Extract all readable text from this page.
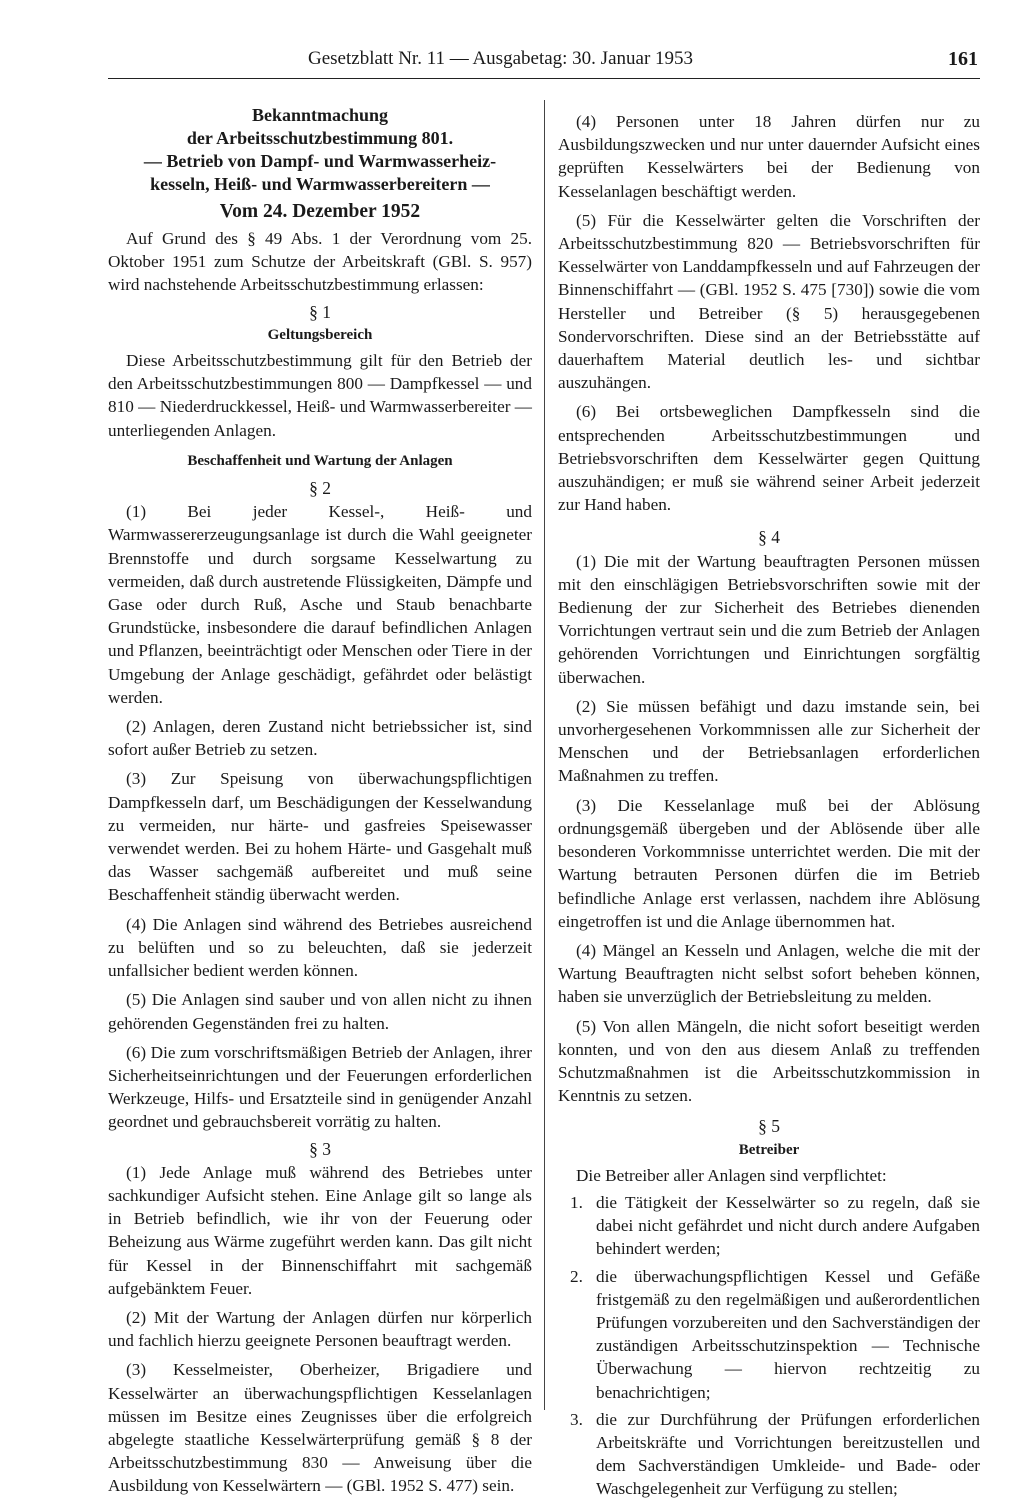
Gesetzblatt Nr. 11 — Ausgabetag: 30. Januar 1953	161
Bekanntmachung
der Arbeitsschutzbestimmung 801.
— Betrieb von Dampf- und Warmwasserheiz-
kesseln, Heiß- und Warmwasserbereitern —
Vom 24. Dezember 1952

Auf Grund des § 49 Abs. 1 der Verordnung vom 25. Oktober 1951 zum Schutze der Arbeitskraft (GBl. S. 957) wird nachstehende Arbeitsschutzbestimmung erlassen:

§ 1
Geltungsbereich

Diese Arbeitsschutzbestimmung gilt für den Betrieb der den Arbeitsschutzbestimmungen 800 — Dampfkessel — und 810 — Niederdruckkessel, Heiß- und Warmwasserbereiter — unterliegenden Anlagen.

Beschaffenheit und Wartung der Anlagen
§ 2

(1) Bei jeder Kessel-, Heiß- und Warmwassererzeugungsanlage ist durch die Wahl geeigneter Brennstoffe und durch sorgsame Kesselwartung zu vermeiden, daß durch austretende Flüssigkeiten, Dämpfe und Gase oder durch Ruß, Asche und Staub benachbarte Grundstücke, insbesondere die darauf befindlichen Anlagen und Pflanzen, beeinträchtigt oder Menschen oder Tiere in der Umgebung der Anlage geschädigt, gefährdet oder belästigt werden.

(2) Anlagen, deren Zustand nicht betriebssicher ist, sind sofort außer Betrieb zu setzen.

(3) Zur Speisung von überwachungspflichtigen Dampfkesseln darf, um Beschädigungen der Kesselwandung zu vermeiden, nur härte- und gasfreies Speisewasser verwendet werden. Bei zu hohem Härte- und Gasgehalt muß das Wasser sachgemäß aufbereitet und muß seine Beschaffenheit ständig überwacht werden.

(4) Die Anlagen sind während des Betriebes ausreichend zu belüften und so zu beleuchten, daß sie jederzeit unfallsicher bedient werden können.

(5) Die Anlagen sind sauber und von allen nicht zu ihnen gehörenden Gegenständen frei zu halten.

(6) Die zum vorschriftsmäßigen Betrieb der Anlagen, ihrer Sicherheitseinrichtungen und der Feuerungen erforderlichen Werkzeuge, Hilfs- und Ersatzteile sind in genügender Anzahl geordnet und gebrauchsbereit vorrätig zu halten.

§ 3

(1) Jede Anlage muß während des Betriebes unter sachkundiger Aufsicht stehen. Eine Anlage gilt so lange als in Betrieb befindlich, wie ihr von der Feuerung oder Beheizung aus Wärme zugeführt werden kann. Das gilt nicht für Kessel in der Binnenschiffahrt mit sachgemäß aufgebänktem Feuer.

(2) Mit der Wartung der Anlagen dürfen nur körperlich und fachlich hierzu geeignete Personen beauftragt werden.

(3) Kesselmeister, Oberheizer, Brigadiere und Kesselwärter an überwachungspflichtigen Kesselanlagen müssen im Besitze eines Zeugnisses über die erfolgreich abgelegte staatliche Kesselwärterprüfung gemäß § 8 der Arbeitsschutzbestimmung 830 — Anweisung über die Ausbildung von Kesselwärtern — (GBl. 1952 S. 477) sein.

(4) Personen unter 18 Jahren dürfen nur zu Ausbildungszwecken und nur unter dauernder Aufsicht eines geprüften Kesselwärters bei der Bedienung von Kesselanlagen beschäftigt werden.

(5) Für die Kesselwärter gelten die Vorschriften der Arbeitsschutzbestimmung 820 — Betriebsvorschriften für Kesselwärter von Landdampfkesseln und auf Fahrzeugen der Binnenschiffahrt — (GBl. 1952 S. 475 [730]) sowie die vom Hersteller und Betreiber (§ 5) herausgegebenen Sondervorschriften. Diese sind an der Betriebsstätte auf dauerhaftem Material deutlich les- und sichtbar auszuhängen.

(6) Bei ortsbeweglichen Dampfkesseln sind die entsprechenden Arbeitsschutzbestimmungen und Betriebsvorschriften dem Kesselwärter gegen Quittung auszuhändigen; er muß sie während seiner Arbeit jederzeit zur Hand haben.

§ 4

(1) Die mit der Wartung beauftragten Personen müssen mit den einschlägigen Betriebsvorschriften sowie mit der Bedienung der zur Sicherheit des Betriebes dienenden Vorrichtungen vertraut sein und die zum Betrieb der Anlagen gehörenden Vorrichtungen und Einrichtungen sorgfältig überwachen.

(2) Sie müssen befähigt und dazu imstande sein, bei unvorhergesehenen Vorkommnissen alle zur Sicherheit der Menschen und der Betriebsanlagen erforderlichen Maßnahmen zu treffen.

(3) Die Kesselanlage muß bei der Ablösung ordnungsgemäß übergeben und der Ablösende über alle besonderen Vorkommnisse unterrichtet werden. Die mit der Wartung betrauten Personen dürfen die im Betrieb befindliche Anlage erst verlassen, nachdem ihre Ablösung eingetroffen ist und die Anlage übernommen hat.

(4) Mängel an Kesseln und Anlagen, welche die mit der Wartung Beauftragten nicht selbst sofort beheben können, haben sie unverzüglich der Betriebsleitung zu melden.

(5) Von allen Mängeln, die nicht sofort beseitigt werden konnten, und von den aus diesem Anlaß zu treffenden Schutzmaßnahmen ist die Arbeitsschutzkommission in Kenntnis zu setzen.

§ 5
Betreiber

Die Betreiber aller Anlagen sind verpflichtet:

1. die Tätigkeit der Kesselwärter so zu regeln, daß sie dabei nicht gefährdet und nicht durch andere Aufgaben behindert werden;
2. die überwachungspflichtigen Kessel und Gefäße fristgemäß zu den regelmäßigen und außerordentlichen Prüfungen vorzubereiten und den Sachverständigen der zuständigen Arbeitsschutzinspektion — Technische Überwachung — hiervon rechtzeitig zu benachrichtigen;
3. die zur Durchführung der Prüfungen erforderlichen Arbeitskräfte und Vorrichtungen bereitzustellen und dem Sachverständigen Umkleide- und Bade- oder Waschgelegenheit zur Verfügung zu stellen;
